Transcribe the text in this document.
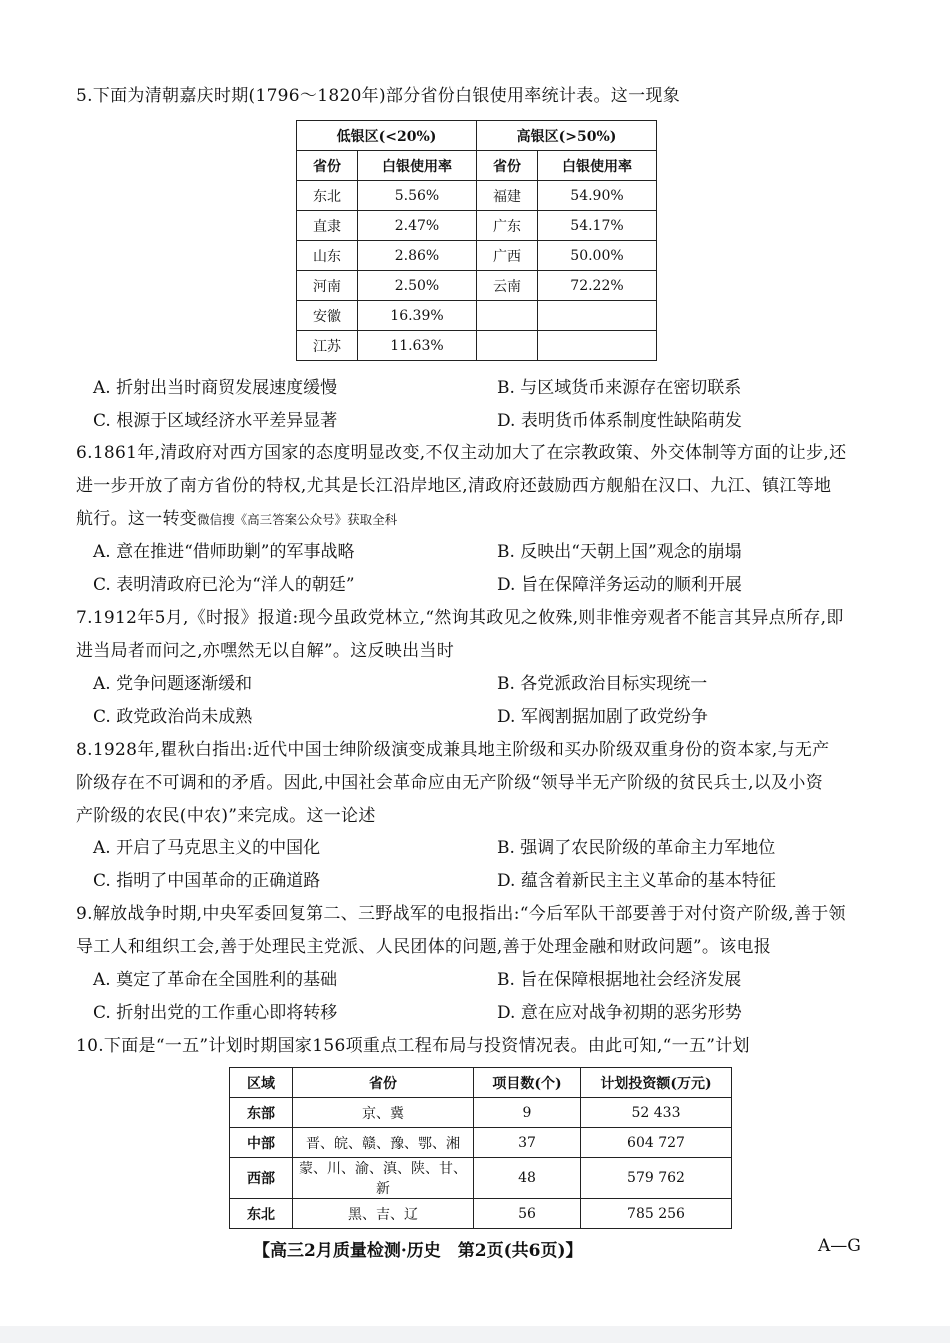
5.下面为清朝嘉庆时期(1796～1820年)部分省份白银使用率统计表。这一现象
低银区(<20%)		高银区(>50%)	
省份	白银使用率	省份	白银使用率
东北	5.56%	福建	54.90%
直隶	2.47%	广东	54.17%
山东	2.86%	广西	50.00%
河南	2.50%	云南	72.22%
安徽	16.39%		
江苏	11.63%		
A. 折射出当时商贸发展速度缓慢	B. 与区域货币来源存在密切联系
C. 根源于区域经济水平差异显著	D. 表明货币体系制度性缺陷萌发
6.1861年,清政府对西方国家的态度明显改变,不仅主动加大了在宗教政策、外交体制等方面的让步,还
进一步开放了南方省份的特权,尤其是长江沿岸地区,清政府还鼓励西方舰船在汉口、九江、镇江等地
航行。这一转变微信搜《高三答案公众号》获取全科
A. 意在推进“借师助剿”的军事战略	B. 反映出“天朝上国”观念的崩塌
C. 表明清政府已沦为“洋人的朝廷”	D. 旨在保障洋务运动的顺利开展
7.1912年5月,《时报》报道:现今虽政党林立,“然询其政见之攸殊,则非惟旁观者不能言其异点所存,即
进当局者而问之,亦嘿然无以自解”。这反映出当时
A. 党争问题逐渐缓和	B. 各党派政治目标实现统一
C. 政党政治尚未成熟	D. 军阀割据加剧了政党纷争
8.1928年,瞿秋白指出:近代中国士绅阶级演变成兼具地主阶级和买办阶级双重身份的资本家,与无产
阶级存在不可调和的矛盾。因此,中国社会革命应由无产阶级“领导半无产阶级的贫民兵士,以及小资
产阶级的农民(中农)”来完成。这一论述
A. 开启了马克思主义的中国化	B. 强调了农民阶级的革命主力军地位
C. 指明了中国革命的正确道路	D. 蕴含着新民主主义革命的基本特征
9.解放战争时期,中央军委回复第二、三野战军的电报指出:“今后军队干部要善于对付资产阶级,善于领
导工人和组织工会,善于处理民主党派、人民团体的问题,善于处理金融和财政问题”。该电报
A. 奠定了革命在全国胜利的基础	B. 旨在保障根据地社会经济发展
C. 折射出党的工作重心即将转移	D. 意在应对战争初期的恶劣形势
10.下面是“一五”计划时期国家156项重点工程布局与投资情况表。由此可知,“一五”计划
区域	省份	项目数(个)	计划投资额(万元)
东部	京、冀	9	52 433
中部	晋、皖、赣、豫、鄂、湘	37	604 727
西部	蒙、川、渝、滇、陕、甘、新	48	579 762
东北	黑、吉、辽	56	785 256
【高三2月质量检测·历史　第2页(共6页)】	A—G
